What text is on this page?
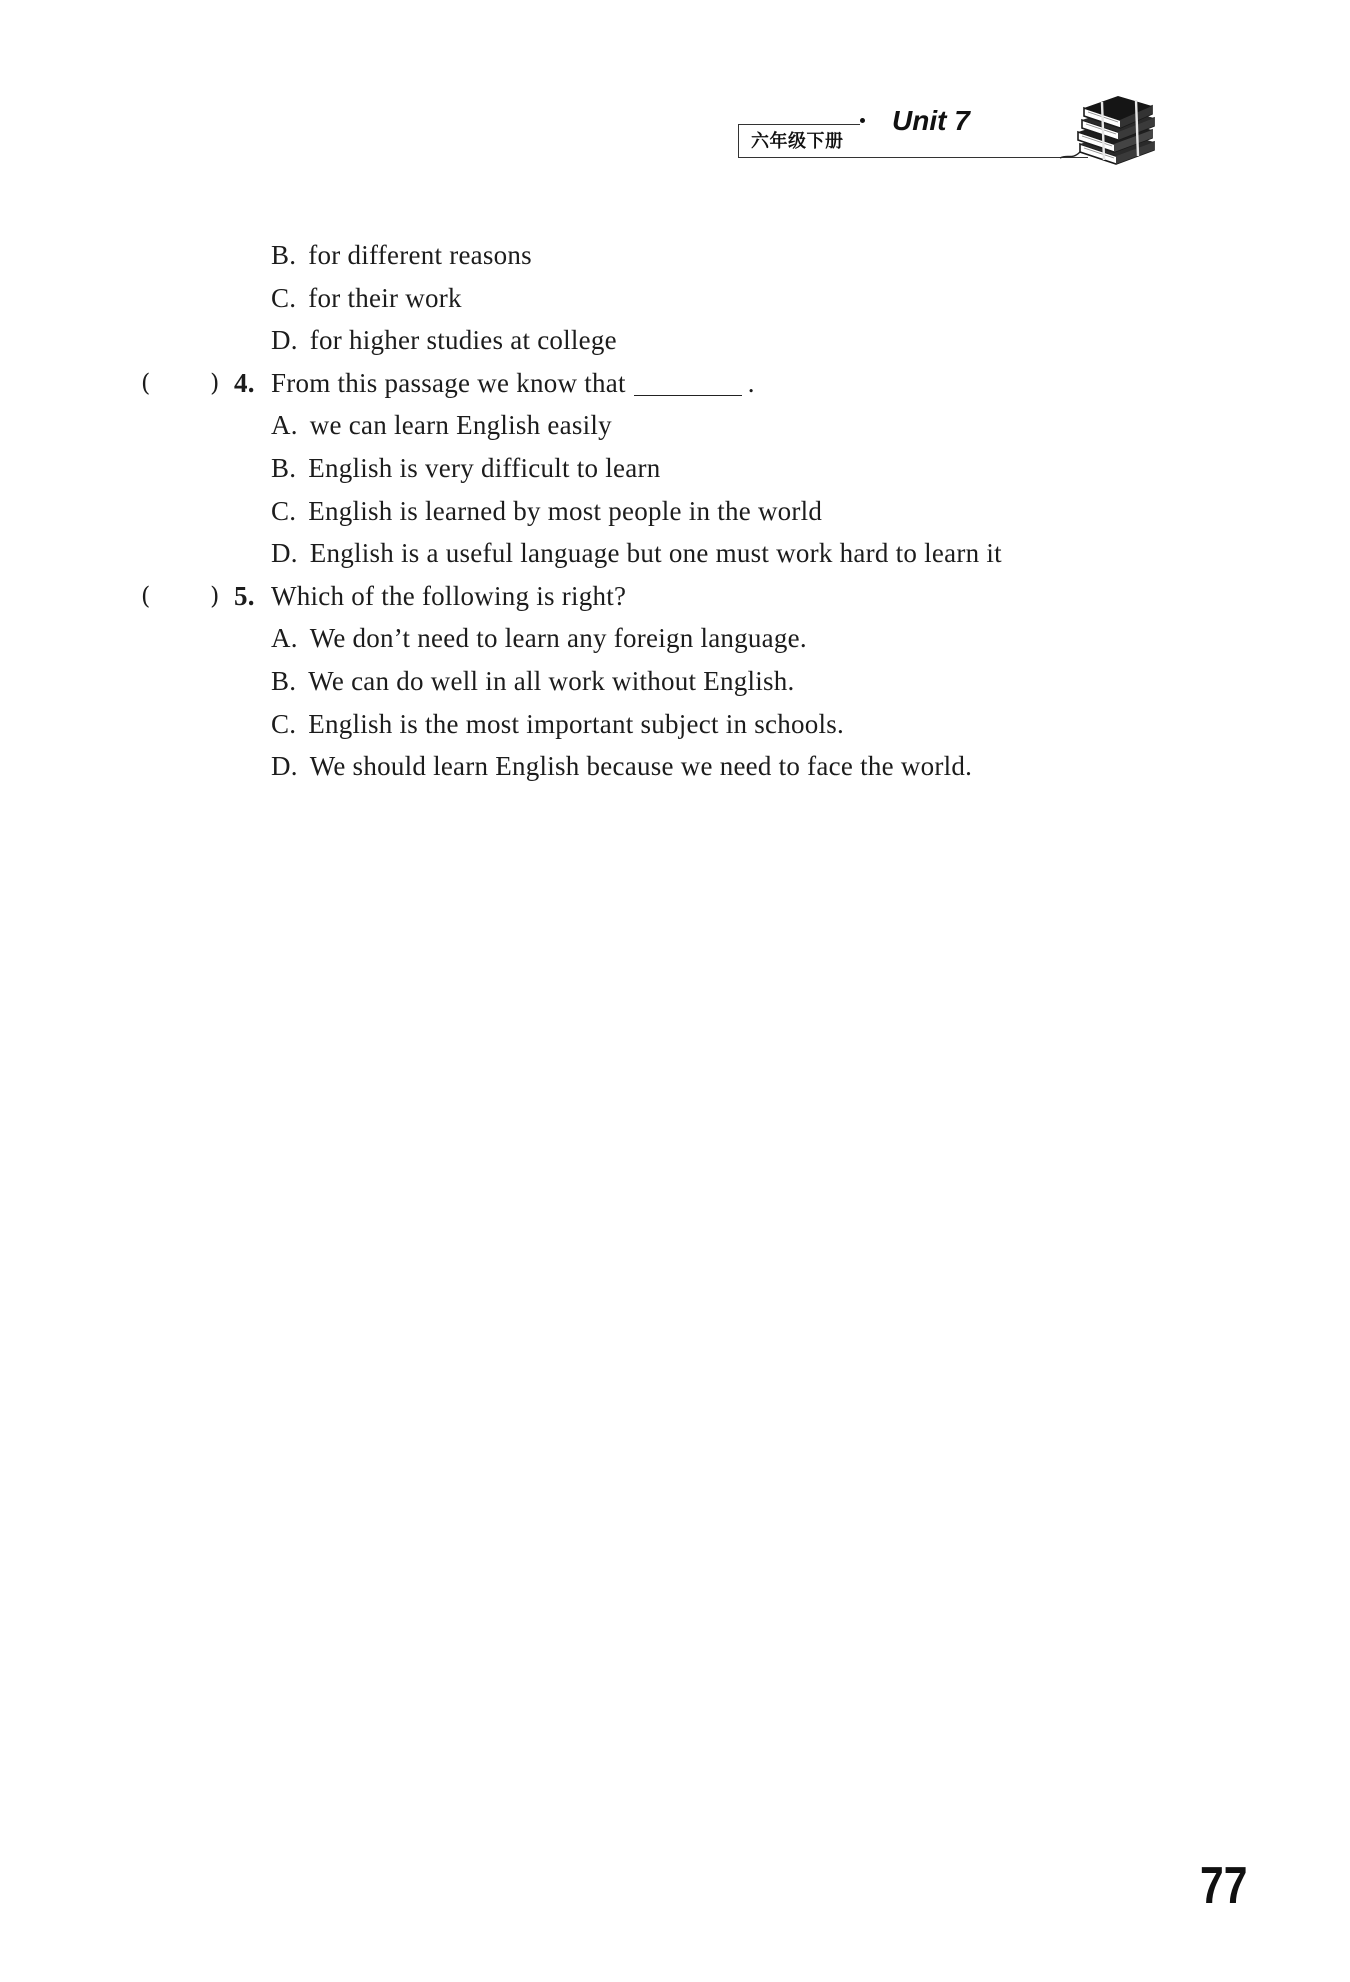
六年级下册
Unit 7
B. for different reasons
C. for their work
D. for higher studies at college
( ) 4. From this passage we know that	.
A. we can learn English easily
B. English is very difficult to learn
C. English is learned by most people in the world
D. English is a useful language but one must work hard to learn it
( ) 5. Which of the following is right?
A. We don’t need to learn any foreign language.
B. We can do well in all work without English.
C. English is the most important subject in schools.
D. We should learn English because we need to face the world.
77
